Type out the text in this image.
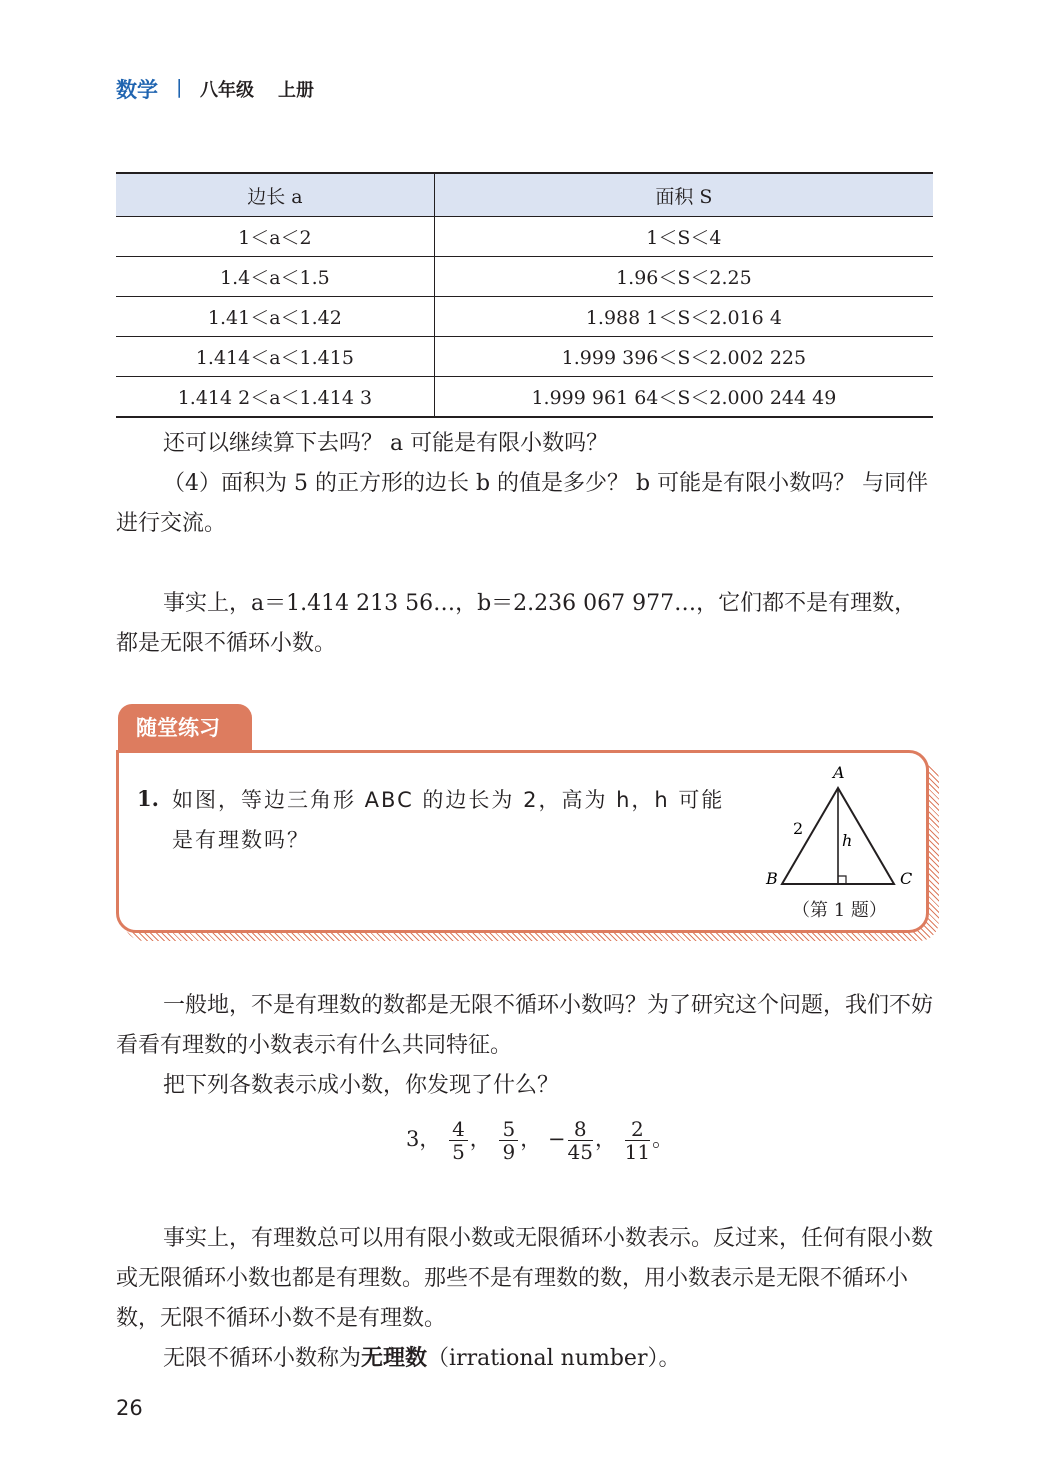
数学 | 八年级 上册
边长 a	面积 S
1＜a＜2	1＜S＜4
1.4＜a＜1.5	1.96＜S＜2.25
1.41＜a＜1.42	1.988 1＜S＜2.016 4
1.414＜a＜1.415	1.999 396＜S＜2.002 225
1.414 2＜a＜1.414 3	1.999 961 64＜S＜2.000 244 49
还可以继续算下去吗？ a 可能是有限小数吗？
（4）面积为 5 的正方形的边长 b 的值是多少？ b 可能是有限小数吗？ 与同伴进行交流。
事实上，a＝1.414 213 56…，b＝2.236 067 977…，它们都不是有理数，都是无限不循环小数。
随堂练习
1. 如图，等边三角形 ABC 的边长为 2，高为 h，h 可能是有理数吗？
A
B	C
2
h
（第 1 题）
一般地，不是有理数的数都是无限不循环小数吗？为了研究这个问题，我们不妨看看有理数的小数表示有什么共同特征。
把下列各数表示成小数，你发现了什么？
3， $\frac{4}{5}$ ， $\frac{5}{9}$ ， − $\frac{8}{45}$ ， $\frac{2}{11}$ 。
事实上，有理数总可以用有限小数或无限循环小数表示。反过来，任何有限小数或无限循环小数也都是有理数。那些不是有理数的数，用小数表示是无限不循环小数，无限不循环小数不是有理数。
无限不循环小数称为无理数（irrational number）。
26
